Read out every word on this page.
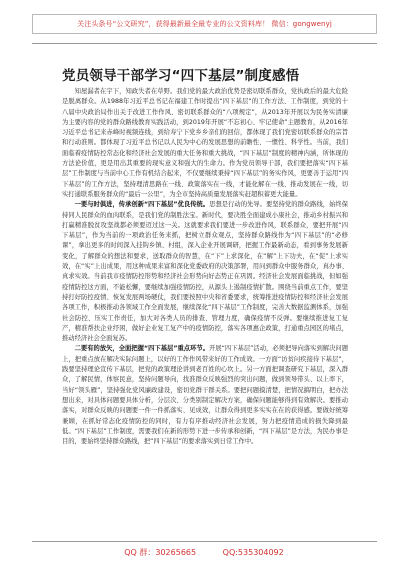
关注头条号“公文研究”，获得最新最全最专业的公文资料库！ 微信：gongwenyj
党员领导干部学习“四下基层”制度感悟

知屋漏者在宇下，知政失者在草野。我们党的最大政治优势是密切联系群众，党执政后的最大危险是脱离群众。从1988年习近平总书记在福建工作时提出“四下基层”的工作方法、工作制度，到党的十八届中央政治局作出关于改进工作作风、密切联系群众的“八项规定”，从2013年开展以为民务实清廉为主要内容的党的群众路线教育实践活动，到2019年开展“不忘初心、牢记使命”主题教育，从2016年习近平总书记来赤峰时视频连线，到给寿宁下党乡乡亲们的回信，都体现了我们党密切联系群众的宗旨和行动准则。都体现了习近平总书记以人民为中心的发展思想的前瞻性、一惯性、科学性。当前，我们面临着疫情防控常态化和经济社会发展的重大任务和重大挑战，“四下基层”制度的精神内涵，所体现的方法论价值，更是用出其重要的现实意义和强大的生命力。作为党员领导干部，我们要把落实“四下基层”工作制度与当前中心工作有机结合起来，不仅要继续秉持“四下基层”的务实作风，更要善于运用“四下基层”的工作方法，坚持理清思路在一线、政策落实在一线，才能化解在一线、推动发展在一线，切实打通联系服务群众的“最后一公里”，为全市坚持高质量发展落实赶超积蓄更大能量。

一要与时俱进，传承创新“四下基层”优良传统。思想是行动的先导。要坚持党的群众路线，始终保持同人民群众的血肉联系，是我们党的制胜法宝。新时代，要决胜全面建成小康社会，推动乡村振兴和打赢精准脱贫攻坚战都必须要迈过这一关。这就要求我们要进一步改进作风，联系群众，要把开展“四下基层”，作为当前的一项政治任务来抓，把树立群众观点，坚持群众路线作为“四下基层”的“必修课”，拿出更多的时间深入挂钩乡镇、村组，深入企业开展调研，把握工作最新动态，看到事务发展新变化，了解群众的想法和要求，送取群众的智慧，在“下”上求深化，在“解”上下功夫，在“促”上求实效，在“实”上出成果，用这种成果来富和深化党委政府的决策部署，用问到群众中服务群众，真办事、真求实效。当前我市疫情防控形势和经济社会形势向好态势正在巩固。经济社会发展面临挑战，但如强疫情防控这方面，不能松懈，要继续加强疫情防控，从源头上遏制疫情扩散。围绕当前重点工作，要坚持打好防控疫情、恢复发展两场硬仗，我们要按照中央和省委要求，统筹推进疫情防控和经济社会发展各项工作，积极推动各领域工作全面发展，继续深化“四下基层”工作制度，完善大数据监测体系，加强社会防控、压实工作责任，加大对各类人员的排查、管理力度，确保疫情不反弹。要继续推进复工复产，精准帮扶企业纾困，做好企业复工复产中的疫情防控，落实各项惠企政策，打通重点园区的堵点，推动经济社会全面复苏。

二要有的放矢，全面把握“四下基层”重点环节。开展“四下基层”活动，必须把导向落实到解决问题上，把重点放在解决实际问题上，以好的工作作风带来好的工作成效。一方面“访贫问疾接待下基层”，践要坚持理论宣传下基层，把党的政策理论讲到老百姓的心坎上。另一方面把调查研究下基层，深入群众，了解民情，体察民意，坚持问题导向，找准群众反映强烈的突出问题，做到领导带头、以上率下，当好“领头雁”，坚持强化党风廉政建设，密切党群干群关系。要把问题摸清楚，把情况搞明白，把办法想出来，对具体问题要具体分析，分层次、分类别制定解决方案，确保问题能够得到有效解决。要推动落实，对群众反映的问题要一件一件抓落实、见成效，让群众得到更多实实在在的获得感。要做好统筹兼顾，在抓好常态化疫情防控的同时，有力有序推动经济社会发展，努力把疫情造成的损失降到最低。“四下基层”工作制度，需要我们在新的形势下进一步传承和创新，“四下基层”是方法，为民办事是目的，要始终坚持群众路线，把“四下基层”的要求落实到日常工作中。

QQ 群：30265665	QQ:535304092
